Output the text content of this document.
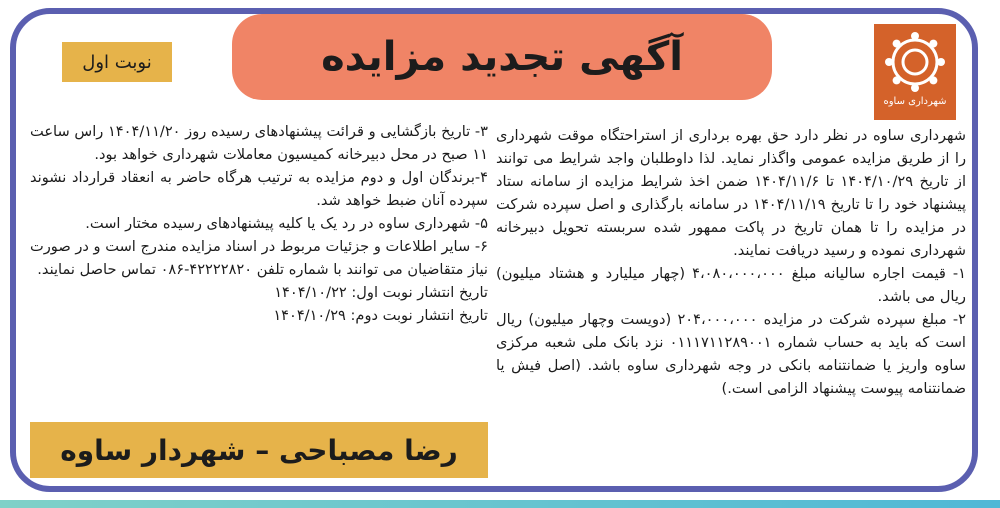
آگهی تجدید مزایده
نوبت اول
شهرداری ساوه

شهرداری ساوه در نظر دارد حق بهره برداری از استراحتگاه موقت شهرداری را از طریق مزایده عمومی واگذار نماید. لذا داوطلبان واجد شرایط می توانند از تاریخ ۱۴۰۴/۱۰/۲۹ تا ۱۴۰۴/۱۱/۶ ضمن اخذ شرایط مزایده از سامانه ستاد پیشنهاد خود را تا تاریخ ۱۴۰۴/۱۱/۱۹ در سامانه بارگذاری و اصل سپرده شرکت در مزایده را تا همان تاریخ در پاکت ممهور شده سربسته تحویل دبیرخانه شهرداری نموده و رسید دریافت نمایند.

۱- قیمت اجاره سالیانه مبلغ ۴،۰۸۰،۰۰۰،۰۰۰ (چهار میلیارد و هشتاد میلیون) ریال می باشد.

۲- مبلغ سپرده شرکت در مزایده ۲۰۴،۰۰۰،۰۰۰ (دویست وچهار میلیون) ریال است که باید به حساب شماره ۰۱۱۱۷۱۱۲۸۹۰۰۱ نزد بانک ملی شعبه مرکزی ساوه واریز یا ضمانتنامه بانکی در وجه شهرداری ساوه باشد. (اصل فیش یا ضمانتنامه پیوست پیشنهاد الزامی است.)

۳- تاریخ بازگشایی و قرائت پیشنهادهای رسیده روز ۱۴۰۴/۱۱/۲۰ راس ساعت ۱۱ صبح در محل دبیرخانه کمیسیون معاملات شهرداری خواهد بود.

۴-برندگان اول و دوم مزایده به ترتیب هرگاه حاضر به انعقاد قرارداد نشوند سپرده آنان ضبط خواهد شد.

۵- شهرداری ساوه در رد یک یا کلیه پیشنهادهای رسیده مختار است.

۶- سایر اطلاعات و جزئیات مربوط در اسناد مزایده مندرج است و در صورت نیاز متقاضیان می توانند با شماره تلفن ۴۲۲۲۲۸۲۰-۰۸۶ تماس حاصل نمایند.

تاریخ انتشار نوبت اول: ۱۴۰۴/۱۰/۲۲

تاریخ انتشار نوبت دوم: ۱۴۰۴/۱۰/۲۹

رضا مصباحی – شهردار ساوه
